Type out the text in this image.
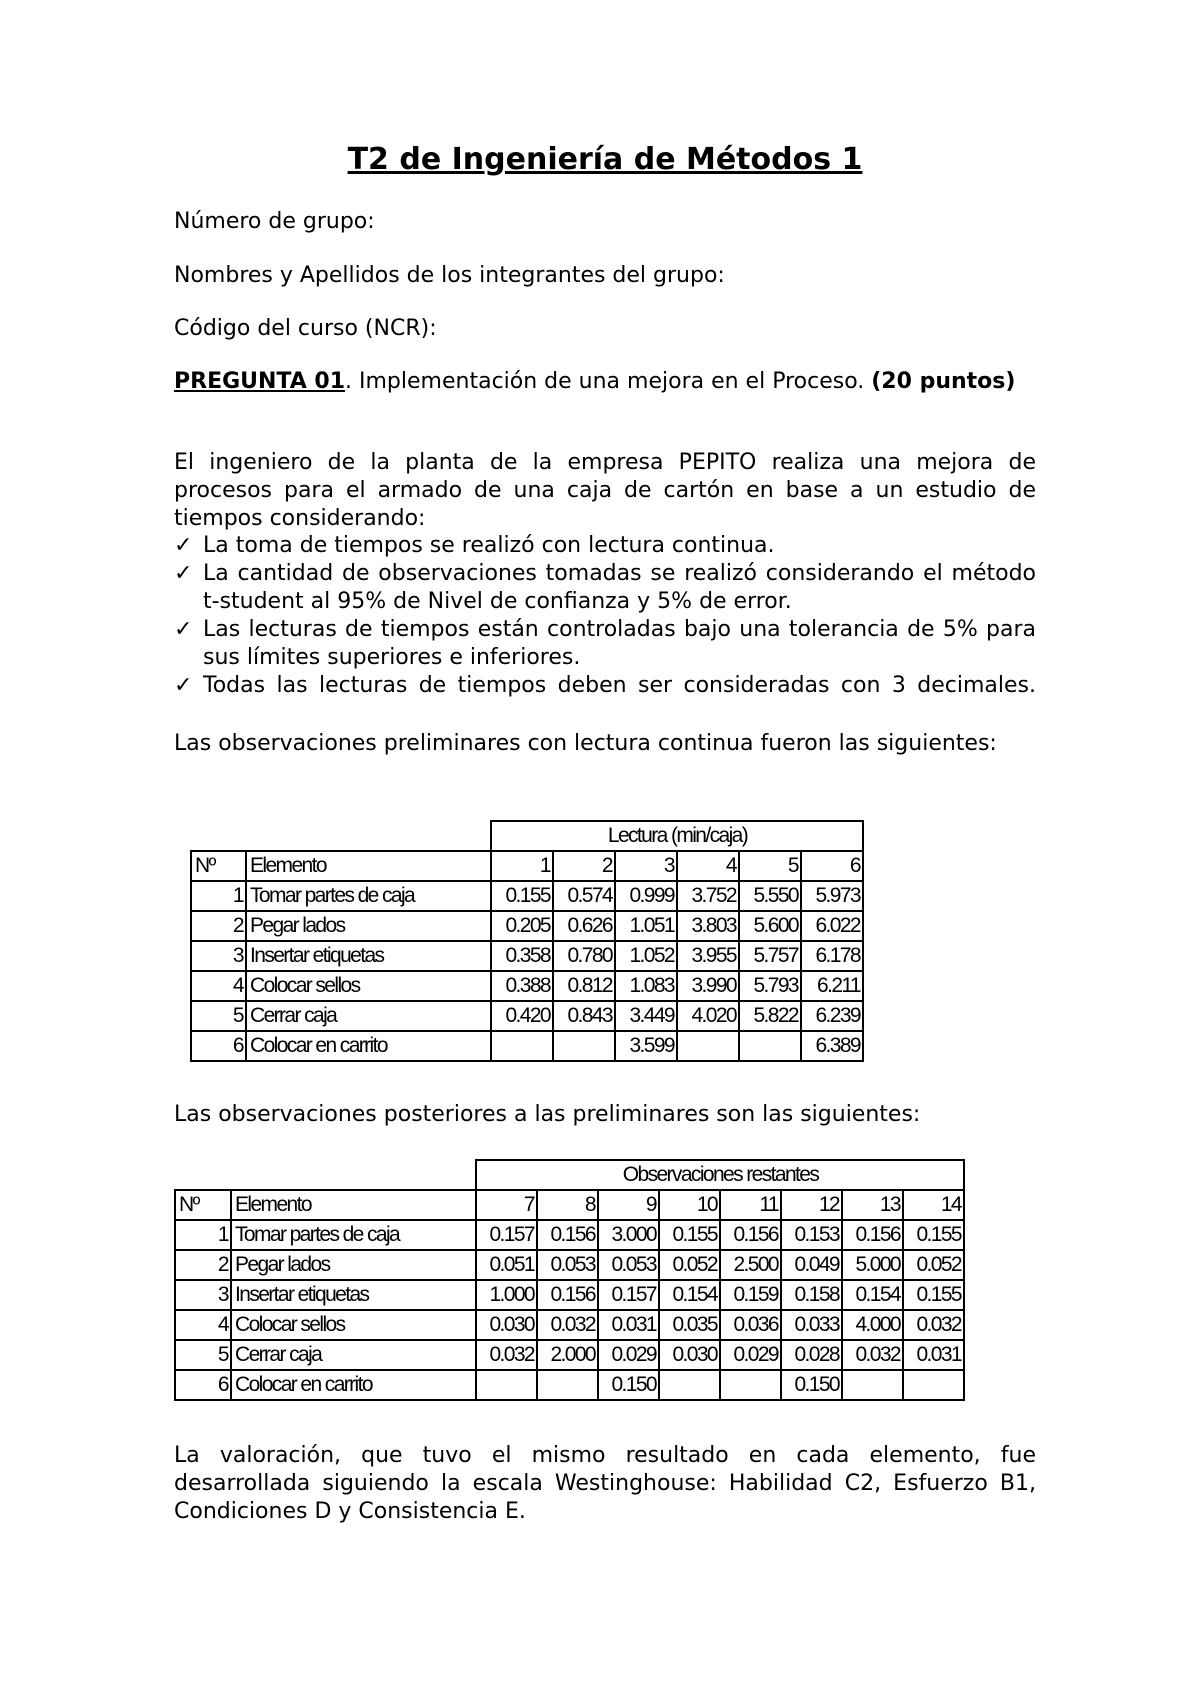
T2 de Ingeniería de Métodos 1

Número de grupo:

Nombres y Apellidos de los integrantes del grupo:

Código del curso (NCR):

PREGUNTA 01. Implementación de una mejora en el Proceso. (20 puntos)

El ingeniero de la planta de la empresa PEPITO realiza una mejora de procesos para el armado de una caja de cartón en base a un estudio de tiempos considerando:

✓ La toma de tiempos se realizó con lectura continua.
✓ La cantidad de observaciones tomadas se realizó considerando el método t-student al 95% de Nivel de confianza y 5% de error.
✓ Las lecturas de tiempos están controladas bajo una tolerancia de 5% para sus límites superiores e inferiores.
✓ Todas las lecturas de tiempos deben ser consideradas con 3 decimales.

Las observaciones preliminares con lectura continua fueron las siguientes:

Las observaciones posteriores a las preliminares son las siguientes:

La valoración, que tuvo el mismo resultado en cada elemento, fue desarrollada siguiendo la escala Westinghouse: Habilidad C2, Esfuerzo B1, Condiciones D y Consistencia E.

		Lectura (min/caja)					
Nº	Elemento	1	2	3	4	5	6
1	Tomar partes de caja	0.155	0.574	0.999	3.752	5.550	5.973
2	Pegar lados	0.205	0.626	1.051	3.803	5.600	6.022
3	Insertar etiquetas	0.358	0.780	1.052	3.955	5.757	6.178
4	Colocar sellos	0.388	0.812	1.083	3.990	5.793	6.211
5	Cerrar caja	0.420	0.843	3.449	4.020	5.822	6.239
6	Colocar en carrito			3.599			6.389
		Observaciones restantes							
Nº	Elemento	7	8	9	10	11	12	13	14
1	Tomar partes de caja	0.157	0.156	3.000	0.155	0.156	0.153	0.156	0.155
2	Pegar lados	0.051	0.053	0.053	0.052	2.500	0.049	5.000	0.052
3	Insertar etiquetas	1.000	0.156	0.157	0.154	0.159	0.158	0.154	0.155
4	Colocar sellos	0.030	0.032	0.031	0.035	0.036	0.033	4.000	0.032
5	Cerrar caja	0.032	2.000	0.029	0.030	0.029	0.028	0.032	0.031
6	Colocar en carrito			0.150			0.150		
